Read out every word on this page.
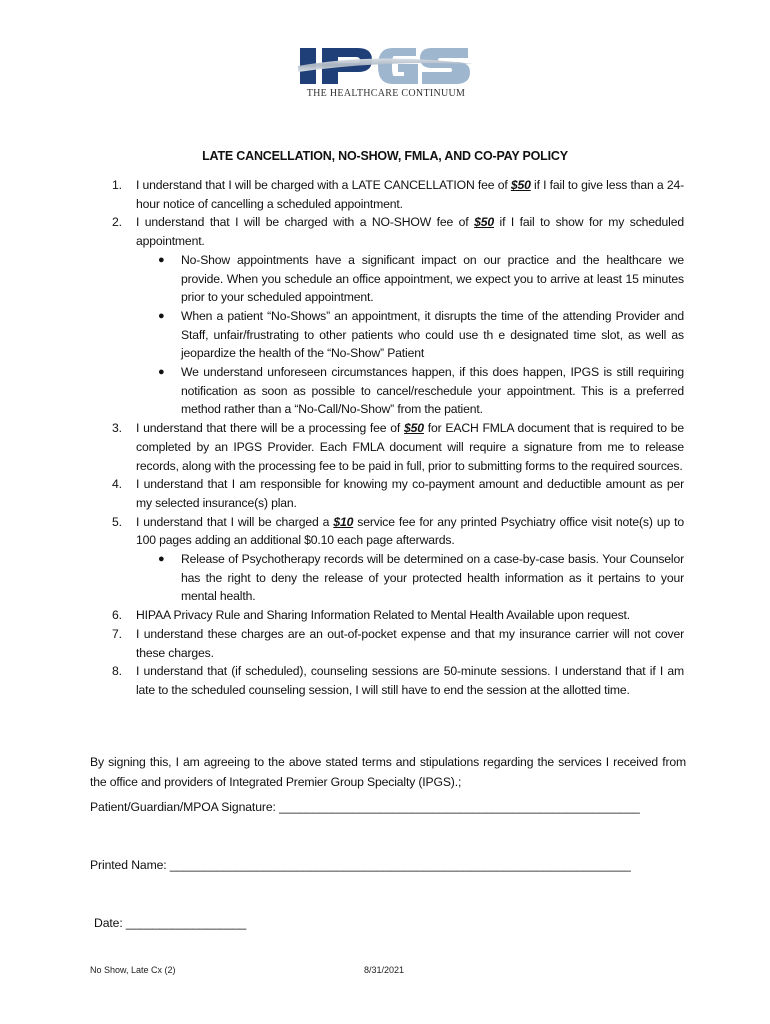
THE HEALTHCARE CONTINUUM
LATE CANCELLATION, NO-SHOW, FMLA, AND CO-PAY POLICY
1. I understand that I will be charged with a LATE CANCELLATION fee of $50 if I fail to give less than a 24-hour notice of cancelling a scheduled appointment.
2. I understand that I will be charged with a NO-SHOW fee of $50 if I fail to show for my scheduled appointment.
● No-Show appointments have a significant impact on our practice and the healthcare we provide. When you schedule an office appointment, we expect you to arrive at least 15 minutes prior to your scheduled appointment.
● When a patient “No-Shows” an appointment, it disrupts the time of the attending Provider and Staff, unfair/frustrating to other patients who could use th e designated time slot, as well as jeopardize the health of the “No-Show” Patient
● We understand unforeseen circumstances happen, if this does happen, IPGS is still requiring notification as soon as possible to cancel/reschedule your appointment. This is a preferred method rather than a “No-Call/No-Show” from the patient.
3. I understand that there will be a processing fee of $50 for EACH FMLA document that is required to be completed by an IPGS Provider. Each FMLA document will require a signature from me to release records, along with the processing fee to be paid in full, prior to submitting forms to the required sources.
4. I understand that I am responsible for knowing my co-payment amount and deductible amount as per my selected insurance(s) plan.
5. I understand that I will be charged a $10 service fee for any printed Psychiatry office visit note(s) up to 100 pages adding an additional $0.10 each page afterwards.
● Release of Psychotherapy records will be determined on a case-by-case basis. Your Counselor has the right to deny the release of your protected health information as it pertains to your mental health.
6. HIPAA Privacy Rule and Sharing Information Related to Mental Health Available upon request.
7. I understand these charges are an out-of-pocket expense and that my insurance carrier will not cover these charges.
8. I understand that (if scheduled), counseling sessions are 50-minute sessions. I understand that if I am late to the scheduled counseling session, I will still have to end the session at the allotted time.
By signing this, I am agreeing to the above stated terms and stipulations regarding the services I received from the office and providers of Integrated Premier Group Specialty (IPGS).;
Patient/Guardian/MPOA Signature: ______________________________________________________
Printed Name: _____________________________________________________________________
Date: __________________
No Show, Late Cx (2)	8/31/2021
